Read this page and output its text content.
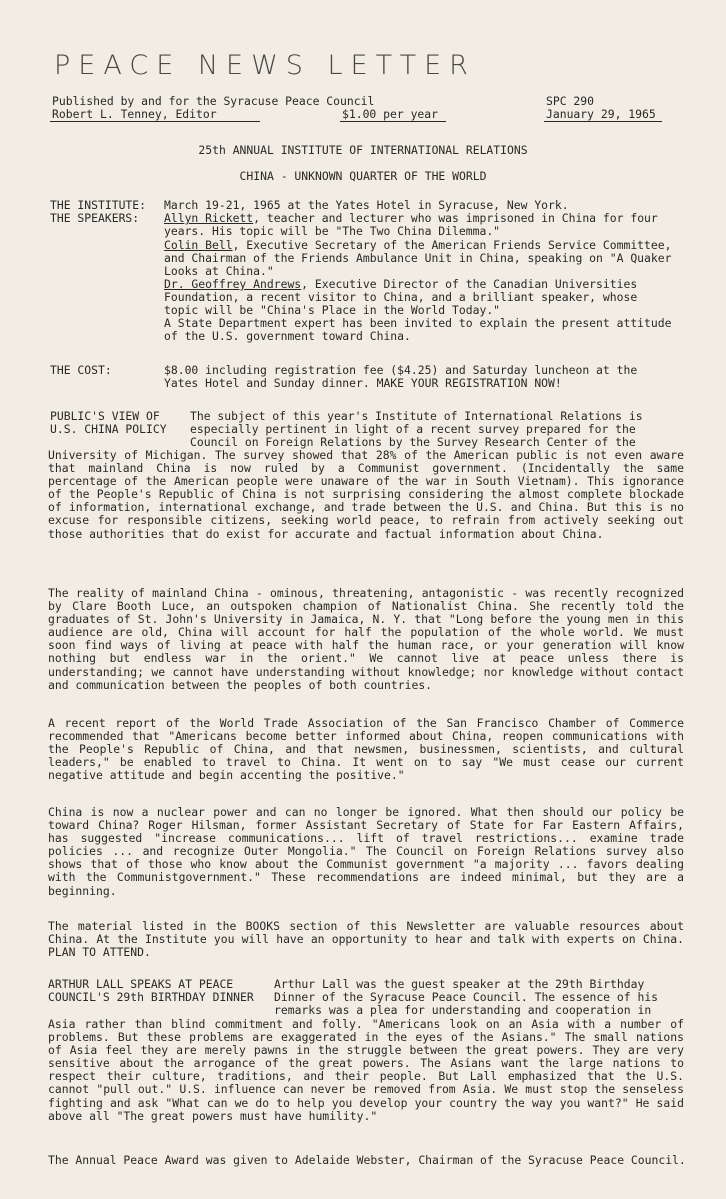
PEACE NEWS LETTER
Published by and for the Syracuse Peace Council	SPC 290
Robert L. Tenney, Editor	$1.00 per year	January 29, 1965
25th ANNUAL INSTITUTE OF INTERNATIONAL RELATIONS
CHINA - UNKNOWN QUARTER OF THE WORLD
THE INSTITUTE: March 19-21, 1965 at the Yates Hotel in Syracuse, New York.
THE SPEAKERS: Allyn Rickett, teacher and lecturer who was imprisoned in China for four
years. His topic will be "The Two China Dilemma."
Colin Bell, Executive Secretary of the American Friends Service Committee,
and Chairman of the Friends Ambulance Unit in China, speaking on "A Quaker
Looks at China."
Dr. Geoffrey Andrews, Executive Director of the Canadian Universities
Foundation, a recent visitor to China, and a brilliant speaker, whose
topic will be "China's Place in the World Today."
A State Department expert has been invited to explain the present attitude
of the U.S. government toward China.
THE COST:	$8.00 including registration fee ($4.25) and Saturday luncheon at the
Yates Hotel and Sunday dinner. MAKE YOUR REGISTRATION NOW!
PUBLIC'S VIEW OF
U.S. CHINA POLICY
The subject of this year's Institute of International Relations is
especially pertinent in light of a recent survey prepared for the
Council on Foreign Relations by the Survey Research Center of the
University of Michigan. The survey showed that 28% of the American public is not even aware that mainland China is now ruled by a Communist government. (Incidentally the same percentage of the American people were unaware of the war in South Vietnam). This ignorance of the People's Republic of China is not surprising considering the almost complete blockade of information, international exchange, and trade between the U.S. and China. But this is no excuse for responsible citizens, seeking world peace, to refrain from actively seeking out those authorities that do exist for accurate and factual information about China.
The reality of mainland China - ominous, threatening, antagonistic - was recently recognized by Clare Booth Luce, an outspoken champion of Nationalist China. She recently told the graduates of St. John's University in Jamaica, N. Y. that "Long before the young men in this audience are old, China will account for half the population of the whole world. We must soon find ways of living at peace with half the human race, or your generation will know nothing but endless war in the orient." We cannot live at peace unless there is understanding; we cannot have understanding without knowledge; nor knowledge without contact and communication between the peoples of both countries.
A recent report of the World Trade Association of the San Francisco Chamber of Commerce recommended that "Americans become better informed about China, reopen communications with the People's Republic of China, and that newsmen, businessmen, scientists, and cultural leaders," be enabled to travel to China. It went on to say "We must cease our current negative attitude and begin accenting the positive."
China is now a nuclear power and can no longer be ignored. What then should our policy be toward China? Roger Hilsman, former Assistant Secretary of State for Far Eastern Affairs, has suggested "increase communications... lift of travel restrictions... examine trade policies ... and recognize Outer Mongolia." The Council on Foreign Relations survey also shows that of those who know about the Communist government "a majority ... favors dealing with the Communistgovernment." These recommendations are indeed minimal, but they are a beginning.
The material listed in the BOOKS section of this Newsletter are valuable resources about China. At the Institute you will have an opportunity to hear and talk with experts on China. PLAN TO ATTEND.
ARTHUR LALL SPEAKS AT PEACE
COUNCIL'S 29th BIRTHDAY DINNER
Arthur Lall was the guest speaker at the 29th Birthday
Dinner of the Syracuse Peace Council. The essence of his
remarks was a plea for understanding and cooperation in
Asia rather than blind commitment and folly. "Americans look on an Asia with a number of problems. But these problems are exaggerated in the eyes of the Asians." The small nations of Asia feel they are merely pawns in the struggle between the great powers. They are very sensitive about the arrogance of the great powers. The Asians want the large nations to respect their culture, traditions, and their people. But Lall emphasized that the U.S. cannot "pull out." U.S. influence can never be removed from Asia. We must stop the senseless fighting and ask "What can we do to help you develop your country the way you want?" He said above all "The great powers must have humility."
The Annual Peace Award was given to Adelaide Webster, Chairman of the Syracuse Peace Council.
